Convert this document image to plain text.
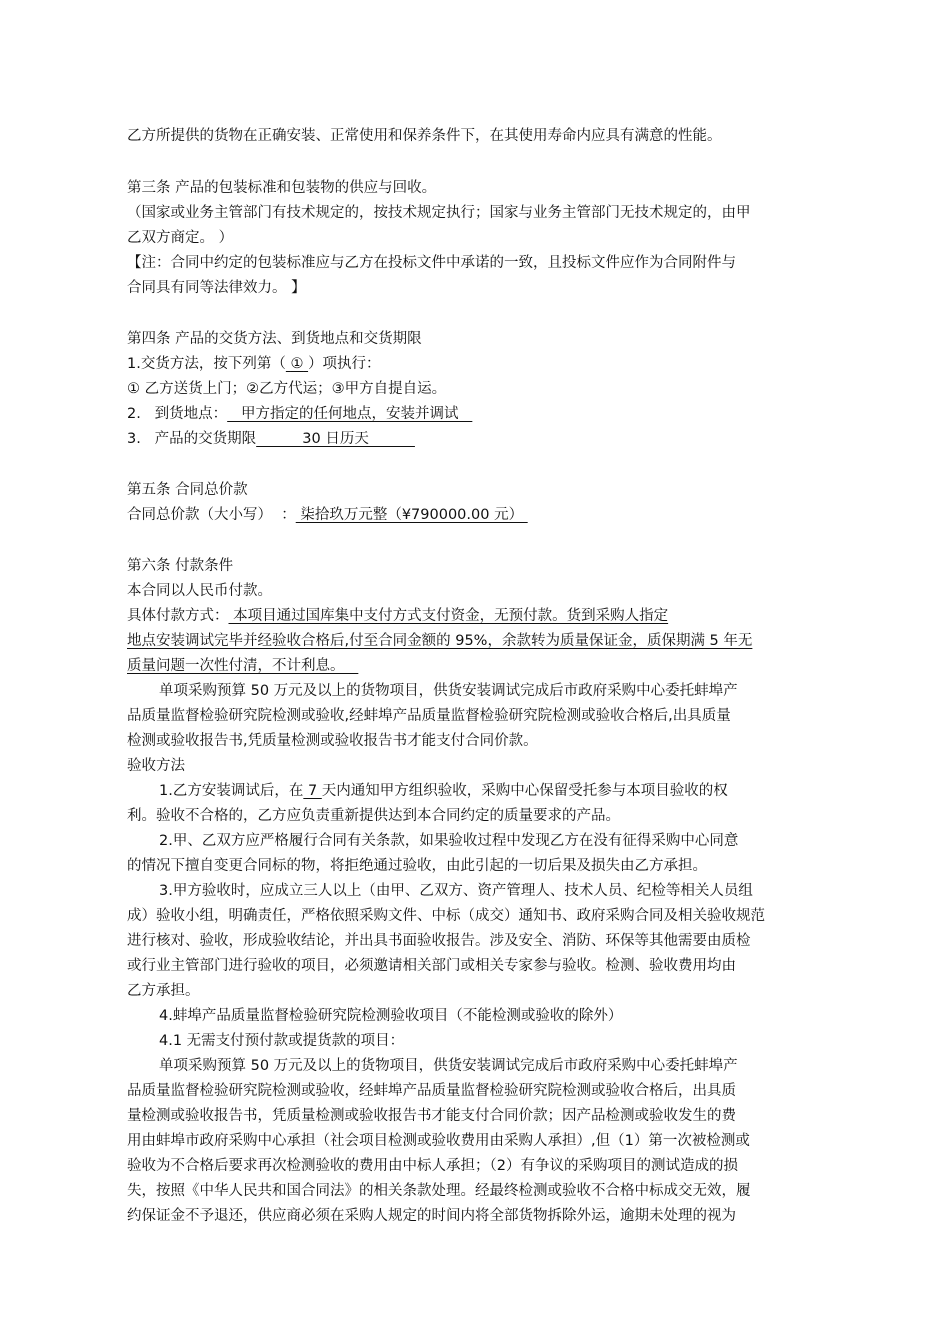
乙方所提供的货物在正确安装、正常使用和保养条件下，在其使用寿命内应具有满意的性能。
第三条 产品的包装标准和包装物的供应与回收。
（国家或业务主管部门有技术规定的，按技术规定执行；国家与业务主管部门无技术规定的，由甲
乙双方商定。 ）
【注：合同中约定的包装标准应与乙方在投标文件中承诺的一致，且投标文件应作为合同附件与
合同具有同等法律效力。 】
第四条 产品的交货方法、到货地点和交货期限
1.交货方法，按下列第（ ① ）项执行：
① 乙方送货上门；②乙方代运；③甲方自提自运。
2.   到货地点：   甲方指定的任何地点，安装并调试
3.   产品的交货期限          30 日历天
第五条 合同总价款
合同总价款（大小写）  ： 柒拾玖万元整（¥790000.00 元）
第六条 付款条件
本合同以人民币付款。
具体付款方式： 本项目通过国库集中支付方式支付资金，无预付款。货到采购人指定
地点安装调试完毕并经验收合格后,付至合同金额的 95%，余款转为质量保证金，质保期满 5 年无
质量问题一次性付清，不计利息。
单项采购预算 50 万元及以上的货物项目，供货安装调试完成后市政府采购中心委托蚌埠产
品质量监督检验研究院检测或验收,经蚌埠产品质量监督检验研究院检测或验收合格后,出具质量
检测或验收报告书,凭质量检测或验收报告书才能支付合同价款。
验收方法
1.乙方安装调试后，在 7 天内通知甲方组织验收，采购中心保留受托参与本项目验收的权
利。验收不合格的，乙方应负责重新提供达到本合同约定的质量要求的产品。
2.甲、乙双方应严格履行合同有关条款，如果验收过程中发现乙方在没有征得采购中心同意
的情况下擅自变更合同标的物，将拒绝通过验收，由此引起的一切后果及损失由乙方承担。
3.甲方验收时，应成立三人以上（由甲、乙双方、资产管理人、技术人员、纪检等相关人员组
成）验收小组，明确责任，严格依照采购文件、中标（成交）通知书、政府采购合同及相关验收规范
进行核对、验收，形成验收结论，并出具书面验收报告。涉及安全、消防、环保等其他需要由质检
或行业主管部门进行验收的项目，必须邀请相关部门或相关专家参与验收。检测、验收费用均由
乙方承担。
4.蚌埠产品质量监督检验研究院检测验收项目（不能检测或验收的除外）
4.1 无需支付预付款或提货款的项目：
单项采购预算 50 万元及以上的货物项目，供货安装调试完成后市政府采购中心委托蚌埠产
品质量监督检验研究院检测或验收，经蚌埠产品质量监督检验研究院检测或验收合格后，出具质
量检测或验收报告书，凭质量检测或验收报告书才能支付合同价款；因产品检测或验收发生的费
用由蚌埠市政府采购中心承担（社会项目检测或验收费用由采购人承担）,但（1）第一次被检测或
验收为不合格后要求再次检测验收的费用由中标人承担；（2）有争议的采购项目的测试造成的损
失，按照《中华人民共和国合同法》的相关条款处理。经最终检测或验收不合格中标成交无效，履
约保证金不予退还，供应商必须在采购人规定的时间内将全部货物拆除外运，逾期未处理的视为
